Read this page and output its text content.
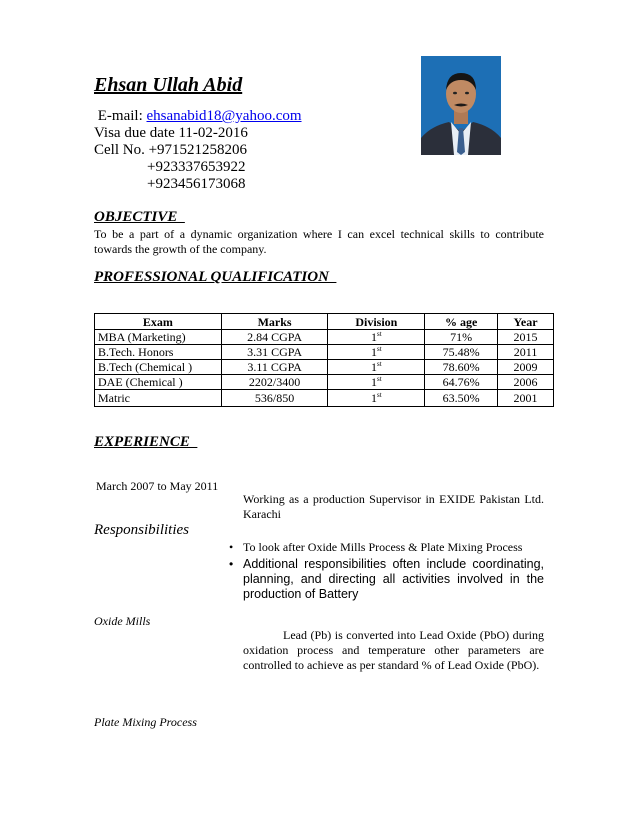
Ehsan Ullah Abid
E-mail: ehsanabid18@yahoo.com
Visa due date 11-02-2016
Cell No. +971521258206
+923337653922
+923456173068
OBJECTIVE
To be a part of a dynamic organization where I can excel technical skills to contribute towards the growth of the company.
PROFESSIONAL QUALIFICATION
Exam	Marks	Division	% age	Year
MBA (Marketing)	2.84 CGPA	1st	71%	2015
B.Tech. Honors	3.31 CGPA	1st	75.48%	2011
B.Tech (Chemical )	3.11 CGPA	1st	78.60%	2009
DAE (Chemical )	2202/3400	1st	64.76%	2006
Matric	536/850	1st	63.50%	2001
EXPERIENCE
March 2007 to May 2011
Working as a production Supervisor in EXIDE Pakistan Ltd. Karachi
Responsibilities
• To look after Oxide Mills Process & Plate Mixing Process
• Additional responsibilities often include coordinating, planning, and directing all activities involved in the production of Battery
Oxide Mills
Lead (Pb) is converted into Lead Oxide (PbO) during oxidation process and temperature other parameters are controlled to achieve as per standard % of Lead Oxide (PbO).
Plate Mixing Process
